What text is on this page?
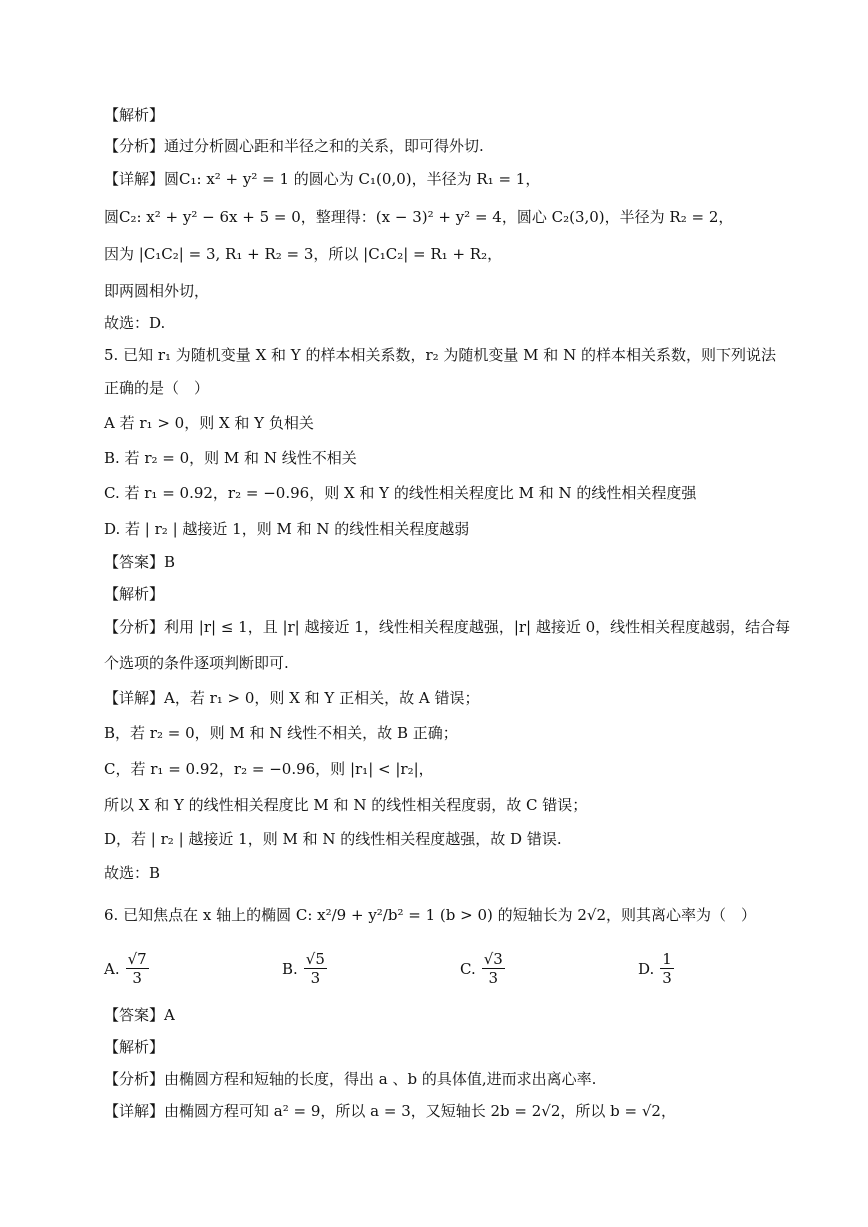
【解析】
【分析】通过分析圆心距和半径之和的关系，即可得外切.
【详解】圆C₁: x² + y² = 1 的圆心为 C₁(0,0)，半径为 R₁ = 1，
圆C₂: x² + y² − 6x + 5 = 0，整理得：(x − 3)² + y² = 4，圆心 C₂(3,0)，半径为 R₂ = 2，
因为 |C₁C₂| = 3, R₁ + R₂ = 3，所以 |C₁C₂| = R₁ + R₂，
即两圆相外切，
故选：D.
5. 已知 r₁ 为随机变量 X 和 Y 的样本相关系数，r₂ 为随机变量 M 和 N 的样本相关系数，则下列说法
正确的是（　）
A 若 r₁ > 0，则 X 和 Y 负相关
B. 若 r₂ = 0，则 M 和 N 线性不相关
C. 若 r₁ = 0.92，r₂ = −0.96，则 X 和 Y 的线性相关程度比 M 和 N 的线性相关程度强
D. 若 | r₂ | 越接近 1，则 M 和 N 的线性相关程度越弱
【答案】B
【解析】
【分析】利用 |r| ≤ 1，且 |r| 越接近 1，线性相关程度越强，|r| 越接近 0，线性相关程度越弱，结合每
个选项的条件逐项判断即可.
【详解】A，若 r₁ > 0，则 X 和 Y 正相关，故 A 错误；
B，若 r₂ = 0，则 M 和 N 线性不相关，故 B 正确；
C，若 r₁ = 0.92，r₂ = −0.96，则 |r₁| < |r₂|，
所以 X 和 Y 的线性相关程度比 M 和 N 的线性相关程度弱，故 C 错误；
D，若 | r₂ | 越接近 1，则 M 和 N 的线性相关程度越强，故 D 错误.
故选：B
6. 已知焦点在 x 轴上的椭圆 C: x²/9 + y²/b² = 1 (b > 0) 的短轴长为 2√2，则其离心率为（　）
A. $\frac{√7}{3}$	B. $\frac{√5}{3}$	C. $\frac{√3}{3}$	D. $\frac{1}{3}$
【答案】A
【解析】
【分析】由椭圆方程和短轴的长度，得出 a 、b 的具体值,进而求出离心率.
【详解】由椭圆方程可知 a² = 9，所以 a = 3，又短轴长 2b = 2√2，所以 b = √2，
